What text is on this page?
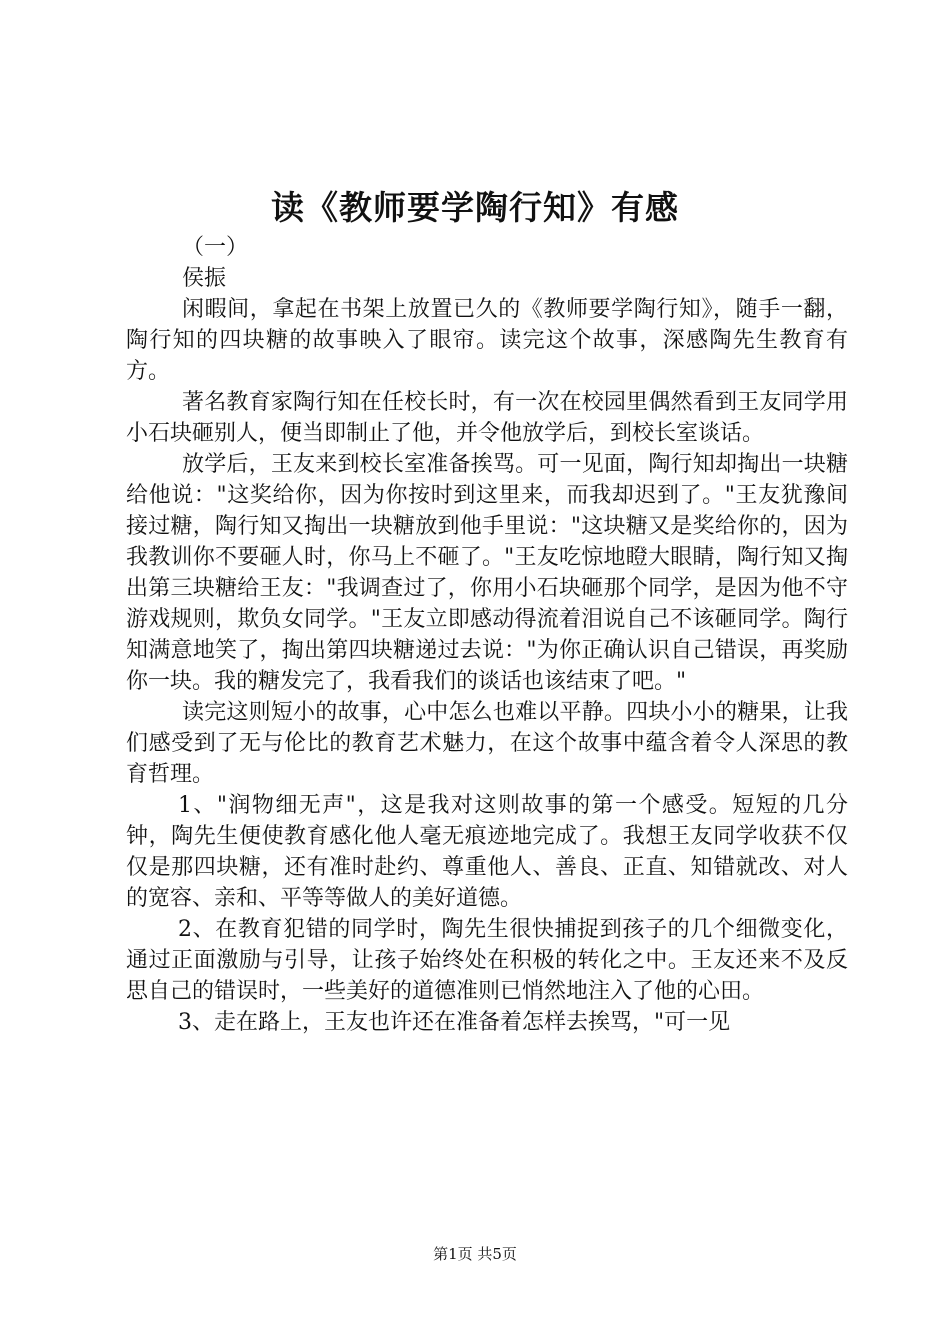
读《教师要学陶行知》有感

（一）

侯振

闲暇间，拿起在书架上放置已久的《教师要学陶行知》，随手一翻，陶行知的四块糖的故事映入了眼帘。读完这个故事，深感陶先生教育有方。

著名教育家陶行知在任校长时，有一次在校园里偶然看到王友同学用小石块砸别人，便当即制止了他，并令他放学后，到校长室谈话。

放学后，王友来到校长室准备挨骂。可一见面，陶行知却掏出一块糖给他说："这奖给你，因为你按时到这里来，而我却迟到了。"王友犹豫间接过糖，陶行知又掏出一块糖放到他手里说："这块糖又是奖给你的，因为我教训你不要砸人时，你马上不砸了。"王友吃惊地瞪大眼睛，陶行知又掏出第三块糖给王友："我调查过了，你用小石块砸那个同学，是因为他不守游戏规则，欺负女同学。"王友立即感动得流着泪说自己不该砸同学。陶行知满意地笑了，掏出第四块糖递过去说："为你正确认识自己错误，再奖励你一块。我的糖发完了，我看我们的谈话也该结束了吧。"

读完这则短小的故事，心中怎么也难以平静。四块小小的糖果，让我们感受到了无与伦比的教育艺术魅力，在这个故事中蕴含着令人深思的教育哲理。

1、"润物细无声"，这是我对这则故事的第一个感受。短短的几分钟，陶先生便使教育感化他人毫无痕迹地完成了。我想王友同学收获不仅仅是那四块糖，还有准时赴约、尊重他人、善良、正直、知错就改、对人的宽容、亲和、平等等做人的美好道德。

2、在教育犯错的同学时，陶先生很快捕捉到孩子的几个细微变化，通过正面激励与引导，让孩子始终处在积极的转化之中。王友还来不及反思自己的错误时，一些美好的道德准则已悄然地注入了他的心田。

3、走在路上，王友也许还在准备着怎样去挨骂，"可一见

第1页 共5页
